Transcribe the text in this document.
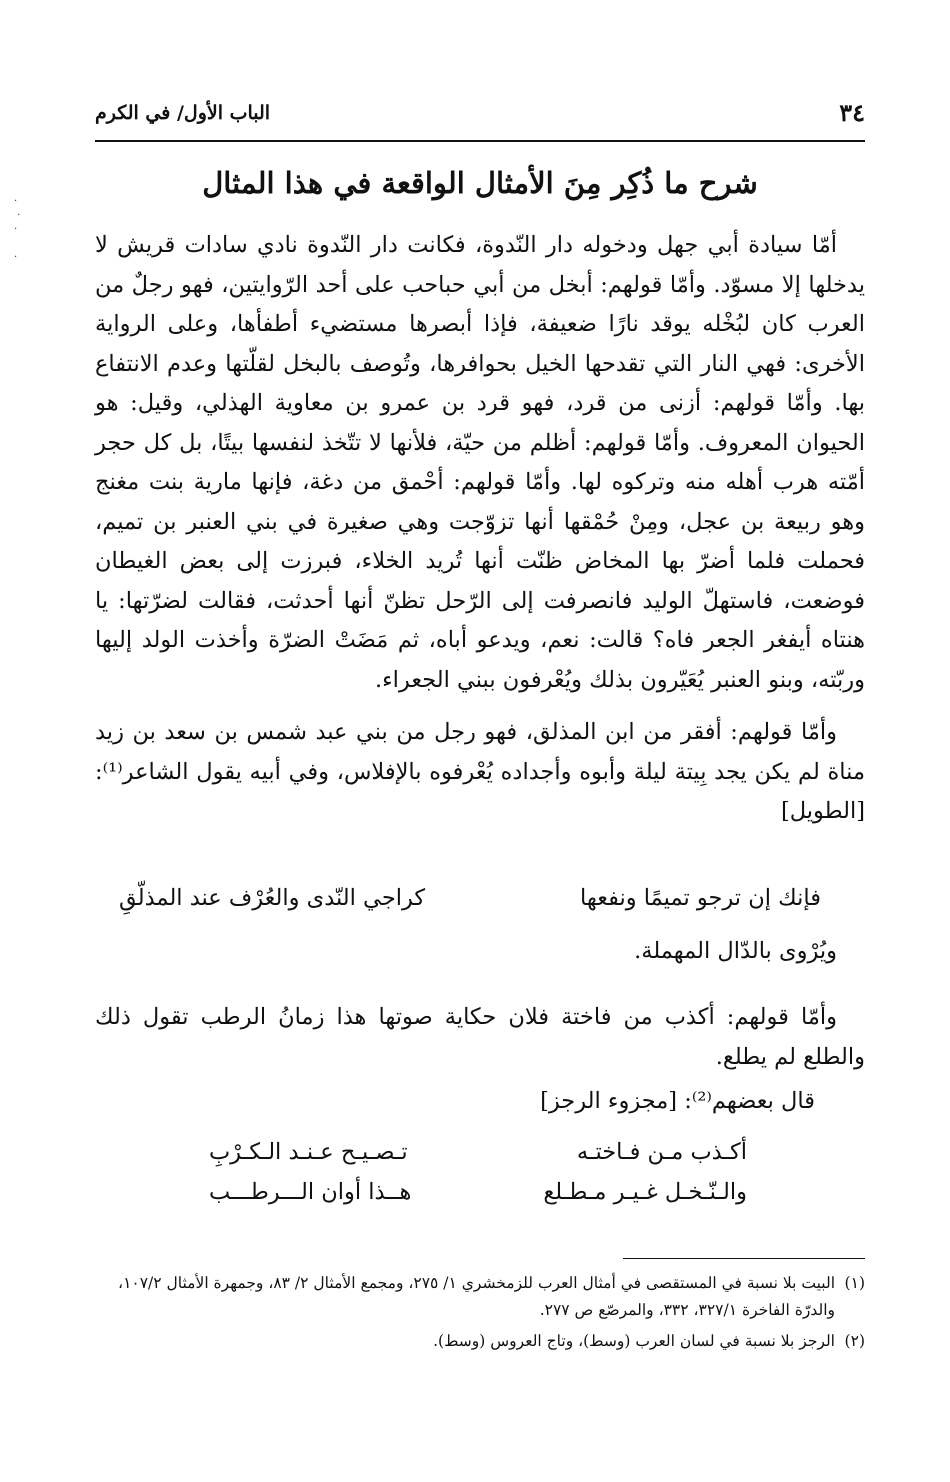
·
·
·

·
٣٤
الباب الأول/ في الكرم
شرح ما ذُكِر مِنَ الأمثال الواقعة في هذا المثال

أمّا سيادة أبي جهل ودخوله دار النّدوة، فكانت دار النّدوة نادي سادات قريش لا يدخلها إلا مسوّد. وأمّا قولهم: أبخل من أبي حباحب على أحد الرّوايتين، فهو رجلٌ من العرب كان لبُخْله يوقد نارًا ضعيفة، فإذا أبصرها مستضيء أطفأها، وعلى الرواية الأخرى: فهي النار التي تقدحها الخيل بحوافرها، وتُوصف بالبخل لقلّتها وعدم الانتفاع بها. وأمّا قولهم: أزنى من قرد، فهو قرد بن عمرو بن معاوية الهذلي، وقيل: هو الحيوان المعروف. وأمّا قولهم: أظلم من حيّة، فلأنها لا تتّخذ لنفسها بيتًا، بل كل حجر أمّته هرب أهله منه وتركوه لها. وأمّا قولهم: أحْمق من دغة، فإنها مارية بنت مغنج وهو ربيعة بن عجل، ومِنْ حُمْقها أنها تزوّجت وهي صغيرة في بني العنبر بن تميم، فحملت فلما أضرّ بها المخاض ظنّت أنها تُريد الخلاء، فبرزت إلى بعض الغيطان فوضعت، فاستهلّ الوليد فانصرفت إلى الرّحل تظنّ أنها أحدثت، فقالت لضرّتها: يا هنتاه أيفغر الجعر فاه؟ قالت: نعم، ويدعو أباه، ثم مَضَتْ الضرّة وأخذت الولد إليها وربّته، وبنو العنبر يُعَيّرون بذلك ويُعْرفون ببني الجعراء.

وأمّا قولهم: أفقر من ابن المذلق، فهو رجل من بني عبد شمس بن سعد بن زيد مناة لم يكن يجد بِيتة ليلة وأبوه وأجداده يُعْرفوه بالإفلاس، وفي أبيه يقول الشاعر⁽¹⁾: [الطويل]

فإنك إن ترجو تميمًا ونفعها
كراجي النّدى والعُرْف عند المذلّقِ
ويُرْوى بالدّال المهملة.
وأمّا قولهم: أكذب من فاختة فلان حكاية صوتها هذا زمانُ الرطب تقول ذلك والطلع لم يطلع.
قال بعضهم⁽²⁾: [مجزوء الرجز]
أكـذب مـن فـاختـه
تـصـيـح عـنـد الـكـرْبِ
والـنّـخـل غـيـر مـطـلع
هــذا أوان الـــرطـــب

(١)
البيت بلا نسبة في المستقصى في أمثال العرب للزمخشري ١/ ٢٧٥، ومجمع الأمثال ٢/ ٨٣، وجمهرة الأمثال ١٠٧/٢، والدرّة الفاخرة ٣٢٧/١، ٣٣٢، والمرصّع ص ٢٧٧.

(٢)
الرجز بلا نسبة في لسان العرب (وسط)، وتاج العروس (وسط).
